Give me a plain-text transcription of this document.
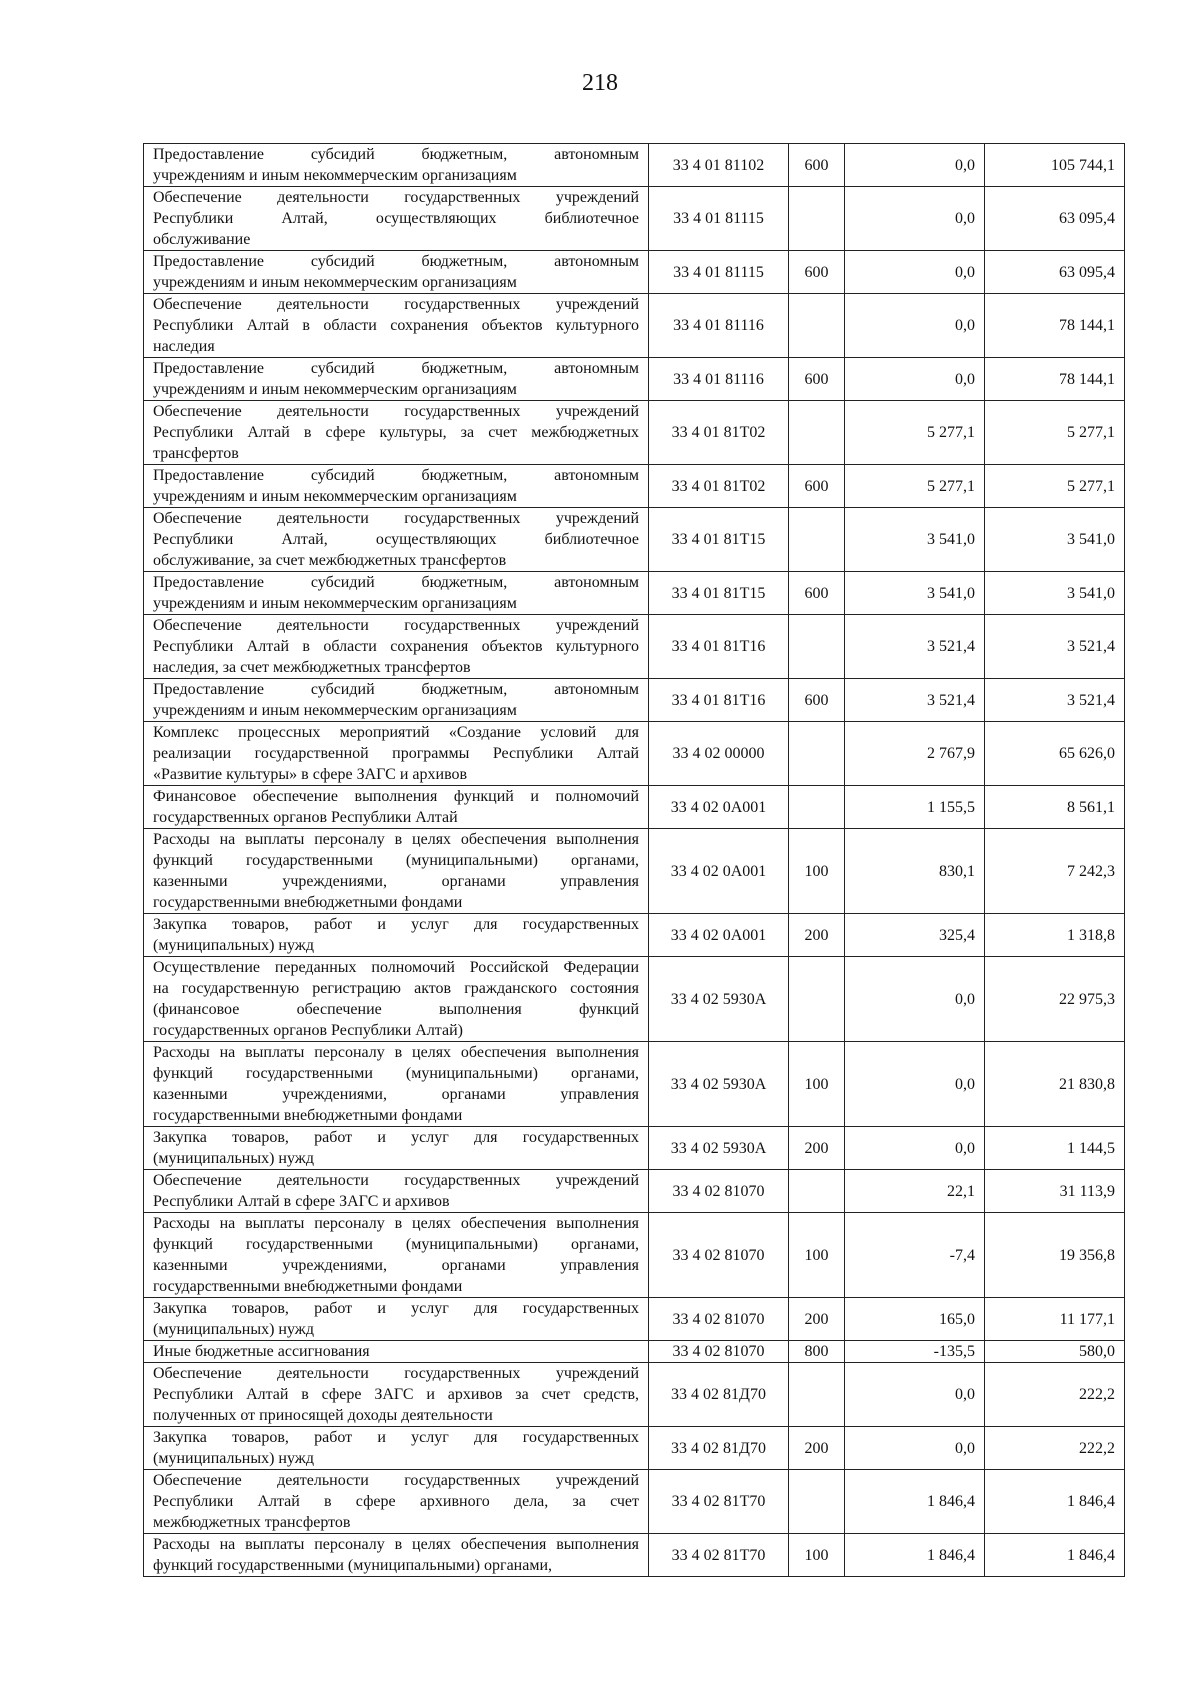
218
Предоставление субсидий бюджетным, автономным
учреждениям и иным некоммерческим организациям	33 4 01 81102	600	0,0	105 744,1

Обеспечение деятельности государственных учреждений
Республики Алтай, осуществляющих библиотечное
обслуживание	33 4 01 81115		0,0	63 095,4

Предоставление субсидий бюджетным, автономным
учреждениям и иным некоммерческим организациям	33 4 01 81115	600	0,0	63 095,4

Обеспечение деятельности государственных учреждений
Республики Алтай в области сохранения объектов культурного
наследия	33 4 01 81116		0,0	78 144,1

Предоставление субсидий бюджетным, автономным
учреждениям и иным некоммерческим организациям	33 4 01 81116	600	0,0	78 144,1

Обеспечение деятельности государственных учреждений
Республики Алтай в сфере культуры, за счет межбюджетных
трансфертов	33 4 01 81Т02		5 277,1	5 277,1

Предоставление субсидий бюджетным, автономным
учреждениям и иным некоммерческим организациям	33 4 01 81Т02	600	5 277,1	5 277,1

Обеспечение деятельности государственных учреждений
Республики Алтай, осуществляющих библиотечное
обслуживание, за счет межбюджетных трансфертов	33 4 01 81Т15		3 541,0	3 541,0

Предоставление субсидий бюджетным, автономным
учреждениям и иным некоммерческим организациям	33 4 01 81Т15	600	3 541,0	3 541,0

Обеспечение деятельности государственных учреждений
Республики Алтай в области сохранения объектов культурного
наследия, за счет межбюджетных трансфертов	33 4 01 81Т16		3 521,4	3 521,4

Предоставление субсидий бюджетным, автономным
учреждениям и иным некоммерческим организациям	33 4 01 81Т16	600	3 521,4	3 521,4

Комплекс процессных мероприятий «Создание условий для
реализации государственной программы Республики Алтай
«Развитие культуры» в сфере ЗАГС и архивов	33 4 02 00000		2 767,9	65 626,0

Финансовое обеспечение выполнения функций и полномочий
государственных органов Республики Алтай	33 4 02 0А001		1 155,5	8 561,1

Расходы на выплаты персоналу в целях обеспечения выполнения
функций государственными (муниципальными) органами,
казенными учреждениями, органами управления
государственными внебюджетными фондами	33 4 02 0А001	100	830,1	7 242,3

Закупка товаров, работ и услуг для государственных
(муниципальных) нужд	33 4 02 0А001	200	325,4	1 318,8

Осуществление переданных полномочий Российской Федерации
на государственную регистрацию актов гражданского состояния
(финансовое обеспечение выполнения функций
государственных органов Республики Алтай)	33 4 02 5930А		0,0	22 975,3

Расходы на выплаты персоналу в целях обеспечения выполнения
функций государственными (муниципальными) органами,
казенными учреждениями, органами управления
государственными внебюджетными фондами	33 4 02 5930А	100	0,0	21 830,8

Закупка товаров, работ и услуг для государственных
(муниципальных) нужд	33 4 02 5930А	200	0,0	1 144,5

Обеспечение деятельности государственных учреждений
Республики Алтай в сфере ЗАГС и архивов	33 4 02 81070		22,1	31 113,9

Расходы на выплаты персоналу в целях обеспечения выполнения
функций государственными (муниципальными) органами,
казенными учреждениями, органами управления
государственными внебюджетными фондами	33 4 02 81070	100	-7,4	19 356,8

Закупка товаров, работ и услуг для государственных
(муниципальных) нужд	33 4 02 81070	200	165,0	11 177,1

Иные бюджетные ассигнования	33 4 02 81070	800	-135,5	580,0

Обеспечение деятельности государственных учреждений
Республики Алтай в сфере ЗАГС и архивов за счет средств,
полученных от приносящей доходы деятельности	33 4 02 81Д70		0,0	222,2

Закупка товаров, работ и услуг для государственных
(муниципальных) нужд	33 4 02 81Д70	200	0,0	222,2

Обеспечение деятельности государственных учреждений
Республики Алтай в сфере архивного дела, за счет
межбюджетных трансфертов	33 4 02 81Т70		1 846,4	1 846,4

Расходы на выплаты персоналу в целях обеспечения выполнения
функций государственными (муниципальными) органами,	33 4 02 81Т70	100	1 846,4	1 846,4
